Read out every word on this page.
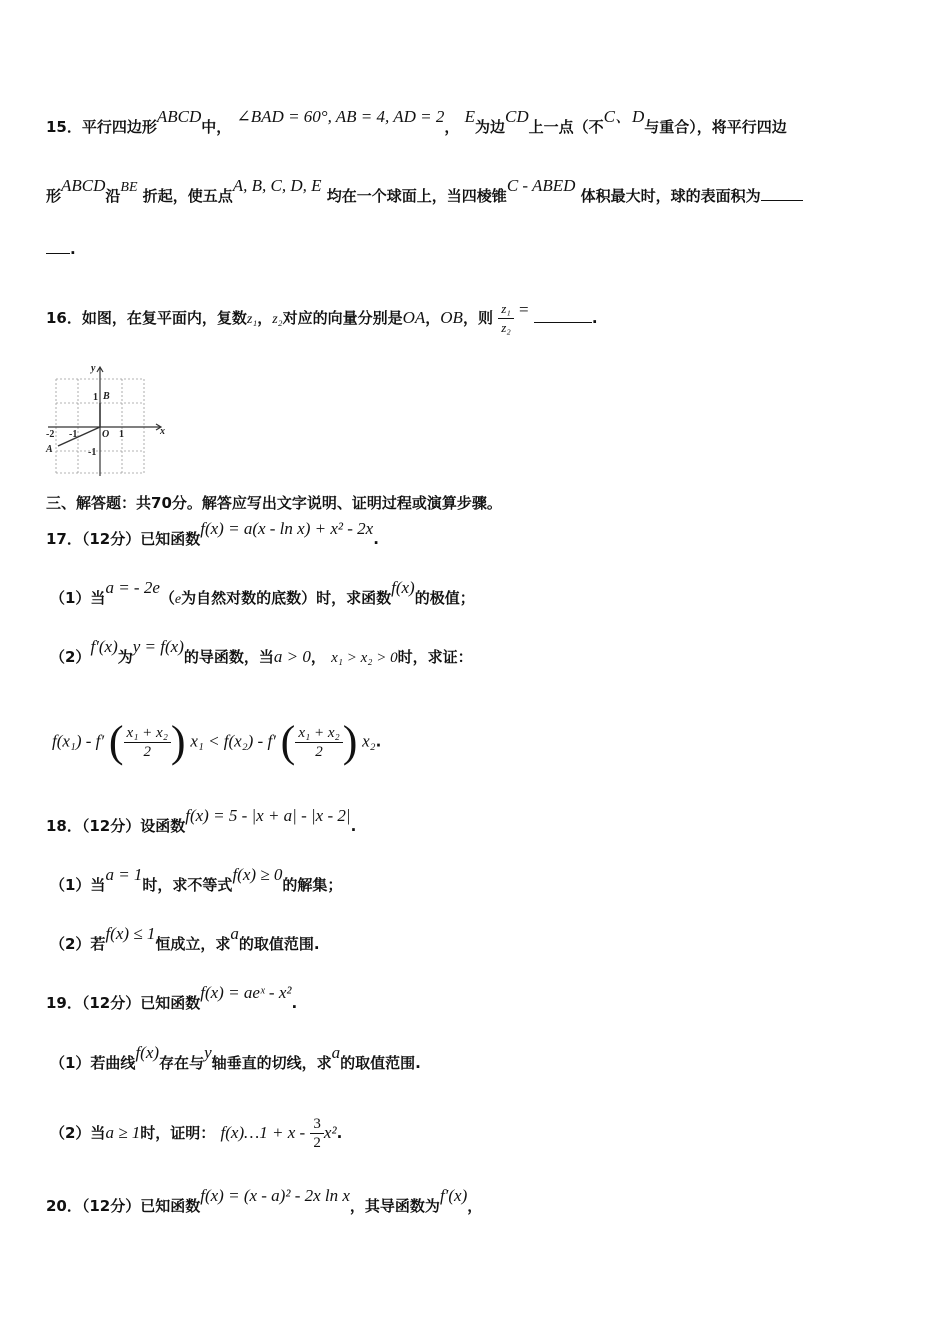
15．平行四边形ABCD中， ∠BAD = 60°, AB = 4, AD = 2， E为边CD上一点（不C、D与重合），将平行四边
形ABCD沿BE 折起，使五点A, B, C, D, E 均在一个球面上，当四棱锥C - ABED 体积最大时，球的表面积为
.
16．如图，在复平面内，复数z₁，z₂对应的向量分别是OA，OB，则 $\frac{\text{z₁}}{\text{z₂}}$ =	.
y
x
O
B
A
1
-1
1
-2 -1
三、解答题：共70分。解答应写出文字说明、证明过程或演算步骤。
17．（12分）已知函数f(x) = a(x - ln x) + x² - 2x.
（1）当a = - 2e（e为自然对数的底数）时，求函数f(x)的极值；
（2）f′(x)为y = f(x)的导函数，当a > 0， x₁ > x₂ > 0时，求证：
f(x₁) - f′ ( $\frac{\text{x₁ + x₂}}{2}$ ) x₁ < f(x₂) - f′ ( $\frac{\text{x₁ + x₂}}{2}$ ) x₂.
18．（12分）设函数f(x) = 5 - |x + a| - |x - 2|.
（1）当a = 1时，求不等式f(x) ≥ 0的解集；
（2）若f(x) ≤ 1恒成立，求a的取值范围.
19．（12分）已知函数f(x) = aeˣ - x².
（1）若曲线f(x)存在与y轴垂直的切线，求a的取值范围.
（2）当a ≥ 1时，证明： f(x)…1 + x - $\frac{3}{2} x^2$.
20．（12分）已知函数f(x) = (x - a)² - 2x ln x，其导函数为f′(x)，
